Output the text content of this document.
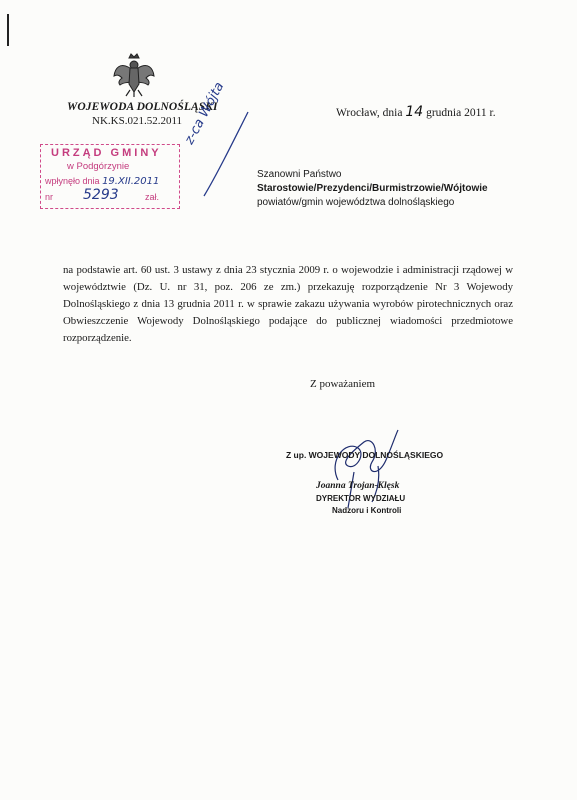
WOJEWODA DOLNOŚLĄSKI
NK.KS.021.52.2011
Wrocław, dnia 14 grudnia 2011 r.
URZĄD GMINY
w Podgórzynie
wpłynęło dnia 19.XII.2011
nr 5293	zał.
z-ca Wójta
Szanowni Państwo
Starostowie/Prezydenci/Burmistrzowie/Wójtowie
powiatów/gmin województwa dolnośląskiego

na podstawie art. 60 ust. 3 ustawy z dnia 23 stycznia 2009 r. o wojewodzie i administracji rządowej w województwie (Dz. U. nr 31, poz. 206 ze zm.) przekazuję rozporządzenie Nr 3 Wojewody Dolnośląskiego z dnia 13 grudnia 2011 r. w sprawie zakazu używania wyrobów pirotechnicznych oraz Obwieszczenie Wojewody Dolnośląskiego podające do publicznej wiadomości przedmiotowe rozporządzenie.

Z poważaniem
Z up. WOJEWODY DOLNOŚLĄSKIEGO
Joanna Trojan-Klęsk
DYREKTOR WYDZIAŁU
Nadzoru i Kontroli
